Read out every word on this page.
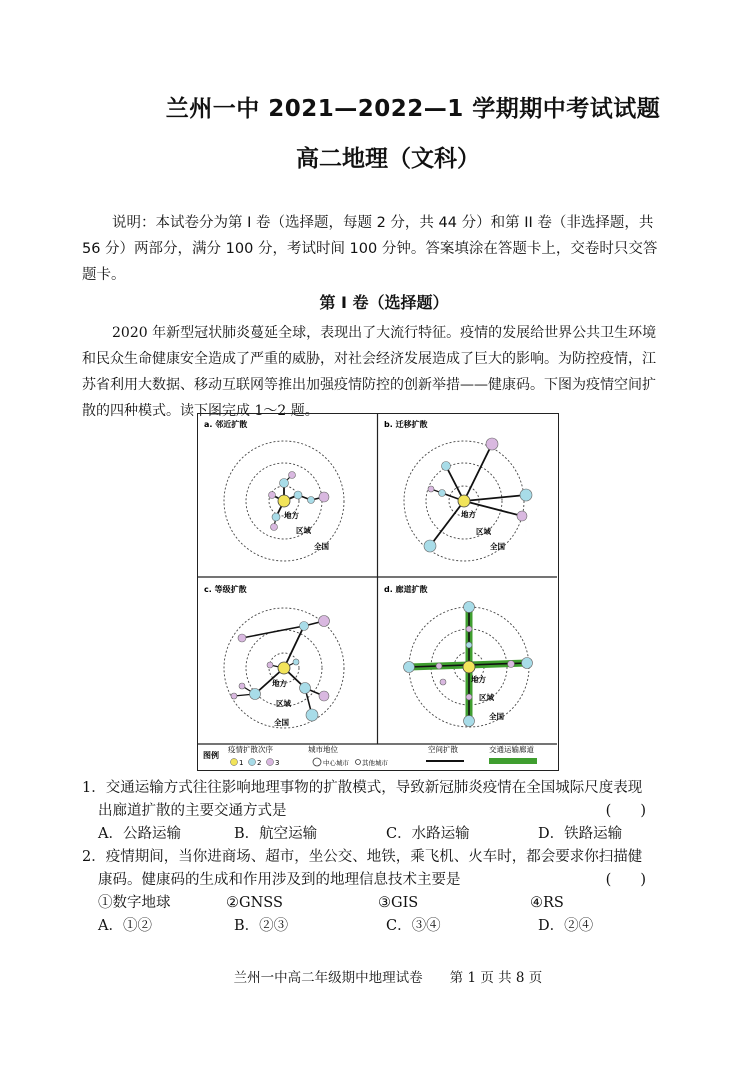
兰州一中 2021—2022—1 学期期中考试试题
高二地理（文科）
说明：本试卷分为第 I 卷（选择题，每题 2 分，共 44 分）和第 II 卷（非选择题，共 56 分）两部分，满分 100 分，考试时间 100 分钟。答案填涂在答题卡上，交卷时只交答题卡。
第 I 卷（选择题）
2020 年新型冠状肺炎蔓延全球，表现出了大流行特征。疫情的发展给世界公共卫生环境和民众生命健康安全造成了严重的威胁，对社会经济发展造成了巨大的影响。为防控疫情，江苏省利用大数据、移动互联网等推出加强疫情防控的创新举措——健康码。下图为疫情空间扩散的四种模式。读下图完成 1～2 题。
a. 邻近扩散
地方
区域
全国
b. 迁移扩散
地方
区域
全国
c. 等级扩散
地方
区域
全国
d. 廊道扩散
地方
区域
全国
图例
疫情扩散次序
1 2 3
城市地位
中心城市 其他城市
空间扩散	交通运输廊道
1．交通运输方式往往影响地理事物的扩散模式，导致新冠肺炎疫情在全国城际尺度表现
出廊道扩散的主要交通方式是	(　　)
A．公路运输	B．航空运输	C．水路运输	D．铁路运输
2．疫情期间，当你进商场、超市，坐公交、地铁，乘飞机、火车时，都会要求你扫描健
康码。健康码的生成和作用涉及到的地理信息技术主要是	(　　)
①数字地球	②GNSS	③GIS	④RS
A．①②	B．②③	C．③④	D．②④
兰州一中高二年级期中地理试卷　　第 1 页 共 8 页
